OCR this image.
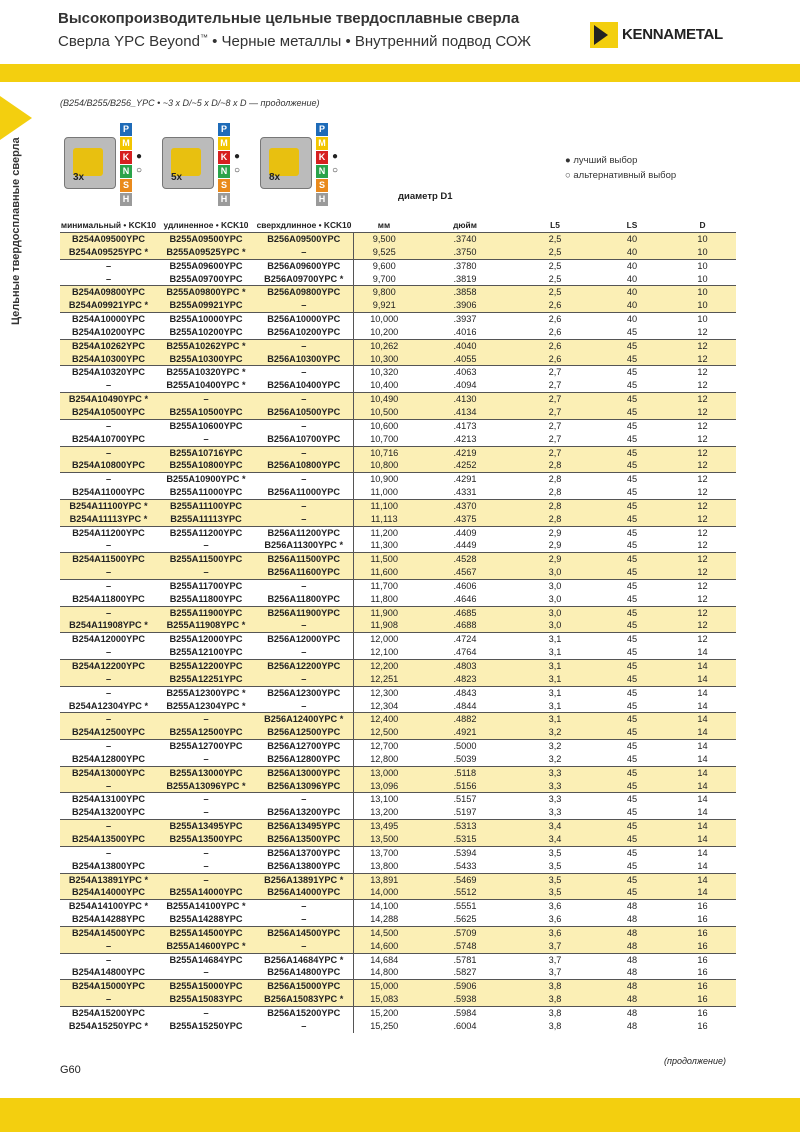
Высокопроизводительные цельные твердосплавные сверла
Сверла YPC Beyond™ • Черные металлы • Внутренний подвод СОЖ	KENNAMETAL
Цельные твердосплавные сверла
(B254/B255/B256_YPC • ~3 x D/~5 x D/~8 x D — продолжение)
3x
P
M
K ●
N ○
S
H
5x
P
M
K ●
N ○
S
H
8x
P
M
K ●
N ○
S
H
● лучший выбор
○ альтернативный выбор
диаметр D1
минимальный • KCK10	удлиненное • KCK10	сверхдлинное • KCK10	мм	дюйм	L5	LS	D
B254A09500YPC	B255A09500YPC	B256A09500YPC	9,500	.3740	2,5	40	10
B254A09525YPC *	B255A09525YPC *	–	9,525	.3750	2,5	40	10
–	B255A09600YPC	B256A09600YPC	9,600	.3780	2,5	40	10
–	B255A09700YPC	B256A09700YPC *	9,700	.3819	2,5	40	10
B254A09800YPC	B255A09800YPC *	B256A09800YPC	9,800	.3858	2,5	40	10
B254A09921YPC *	B255A09921YPC	–	9,921	.3906	2,6	40	10
B254A10000YPC	B255A10000YPC	B256A10000YPC	10,000	.3937	2,6	40	10
B254A10200YPC	B255A10200YPC	B256A10200YPC	10,200	.4016	2,6	45	12
B254A10262YPC	B255A10262YPC *	–	10,262	.4040	2,6	45	12
B254A10300YPC	B255A10300YPC	B256A10300YPC	10,300	.4055	2,6	45	12
B254A10320YPC	B255A10320YPC *	–	10,320	.4063	2,7	45	12
–	B255A10400YPC *	B256A10400YPC	10,400	.4094	2,7	45	12
B254A10490YPC *	–	–	10,490	.4130	2,7	45	12
B254A10500YPC	B255A10500YPC	B256A10500YPC	10,500	.4134	2,7	45	12
–	B255A10600YPC	–	10,600	.4173	2,7	45	12
B254A10700YPC	–	B256A10700YPC	10,700	.4213	2,7	45	12
–	B255A10716YPC	–	10,716	.4219	2,7	45	12
B254A10800YPC	B255A10800YPC	B256A10800YPC	10,800	.4252	2,8	45	12
–	B255A10900YPC *	–	10,900	.4291	2,8	45	12
B254A11000YPC	B255A11000YPC	B256A11000YPC	11,000	.4331	2,8	45	12
B254A11100YPC *	B255A11100YPC	–	11,100	.4370	2,8	45	12
B254A11113YPC *	B255A11113YPC	–	11,113	.4375	2,8	45	12
B254A11200YPC	B255A11200YPC	B256A11200YPC	11,200	.4409	2,9	45	12
–	–	B256A11300YPC *	11,300	.4449	2,9	45	12
B254A11500YPC	B255A11500YPC	B256A11500YPC	11,500	.4528	2,9	45	12
–	–	B256A11600YPC	11,600	.4567	3,0	45	12
–	B255A11700YPC	–	11,700	.4606	3,0	45	12
B254A11800YPC	B255A11800YPC	B256A11800YPC	11,800	.4646	3,0	45	12
–	B255A11900YPC	B256A11900YPC	11,900	.4685	3,0	45	12
B254A11908YPC *	B255A11908YPC *	–	11,908	.4688	3,0	45	12
B254A12000YPC	B255A12000YPC	B256A12000YPC	12,000	.4724	3,1	45	12
–	B255A12100YPC	–	12,100	.4764	3,1	45	14
B254A12200YPC	B255A12200YPC	B256A12200YPC	12,200	.4803	3,1	45	14
–	B255A12251YPC	–	12,251	.4823	3,1	45	14
–	B255A12300YPC *	B256A12300YPC	12,300	.4843	3,1	45	14
B254A12304YPC *	B255A12304YPC *	–	12,304	.4844	3,1	45	14
–	–	B256A12400YPC *	12,400	.4882	3,1	45	14
B254A12500YPC	B255A12500YPC	B256A12500YPC	12,500	.4921	3,2	45	14
–	B255A12700YPC	B256A12700YPC	12,700	.5000	3,2	45	14
B254A12800YPC	–	B256A12800YPC	12,800	.5039	3,2	45	14
B254A13000YPC	B255A13000YPC	B256A13000YPC	13,000	.5118	3,3	45	14
–	B255A13096YPC *	B256A13096YPC	13,096	.5156	3,3	45	14
B254A13100YPC	–	–	13,100	.5157	3,3	45	14
B254A13200YPC	–	B256A13200YPC	13,200	.5197	3,3	45	14
–	B255A13495YPC	B256A13495YPC	13,495	.5313	3,4	45	14
B254A13500YPC	B255A13500YPC	B256A13500YPC	13,500	.5315	3,4	45	14
–	–	B256A13700YPC	13,700	.5394	3,5	45	14
B254A13800YPC	–	B256A13800YPC	13,800	.5433	3,5	45	14
B254A13891YPC *	–	B256A13891YPC *	13,891	.5469	3,5	45	14
B254A14000YPC	B255A14000YPC	B256A14000YPC	14,000	.5512	3,5	45	14
B254A14100YPC *	B255A14100YPC *	–	14,100	.5551	3,6	48	16
B254A14288YPC	B255A14288YPC	–	14,288	.5625	3,6	48	16
B254A14500YPC	B255A14500YPC	B256A14500YPC	14,500	.5709	3,6	48	16
–	B255A14600YPC *	–	14,600	.5748	3,7	48	16
–	B255A14684YPC	B256A14684YPC *	14,684	.5781	3,7	48	16
B254A14800YPC	–	B256A14800YPC	14,800	.5827	3,7	48	16
B254A15000YPC	B255A15000YPC	B256A15000YPC	15,000	.5906	3,8	48	16
–	B255A15083YPC	B256A15083YPC *	15,083	.5938	3,8	48	16
B254A15200YPC	–	B256A15200YPC	15,200	.5984	3,8	48	16
B254A15250YPC *	B255A15250YPC	–	15,250	.6004	3,8	48	16
(продолжение)
G60
